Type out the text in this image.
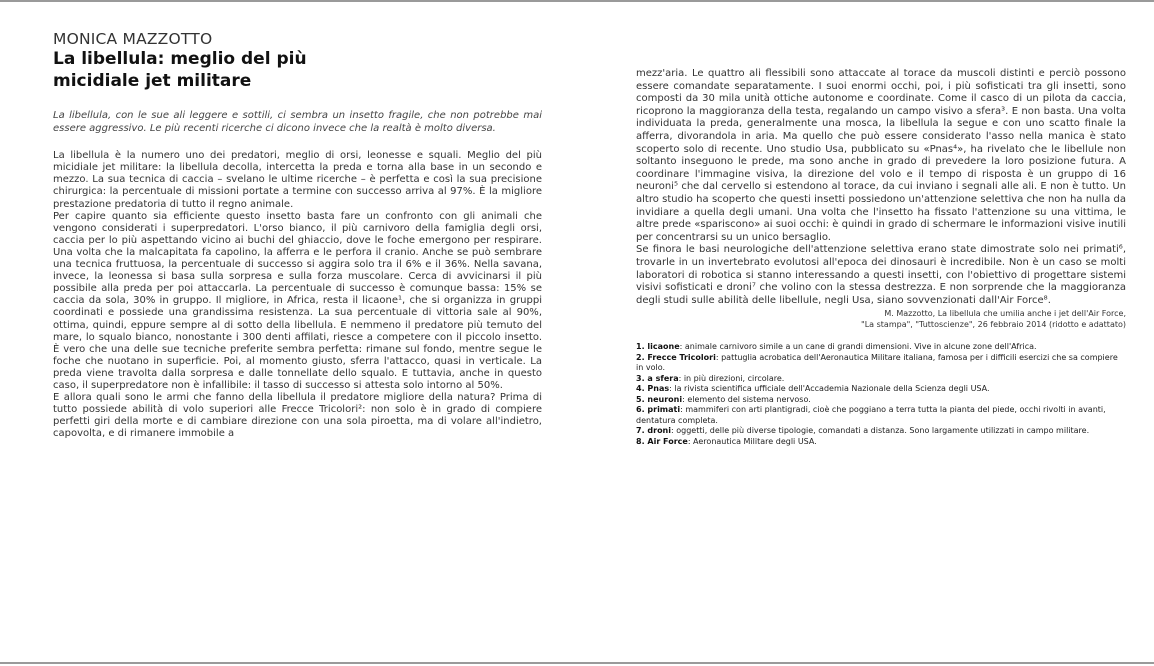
MONICA MAZZOTTO
La libellula: meglio del più micidiale jet militare
La libellula, con le sue ali leggere e sottili, ci sembra un insetto fragile, che non potrebbe mai essere aggressivo. Le più recenti ricerche ci dicono invece che la realtà è molto diversa.

La libellula è la numero uno dei predatori, meglio di orsi, leonesse e squali. Meglio del più micidiale jet militare: la libellula decolla, intercetta la preda e torna alla base in un secondo e mezzo. La sua tecnica di caccia – svelano le ultime ricerche – è perfetta e così la sua precisione chirurgica: la percentuale di missioni portate a termine con successo arriva al 97%. È la migliore prestazione predatoria di tutto il regno animale.

Per capire quanto sia efficiente questo insetto basta fare un confronto con gli animali che vengono considerati i superpredatori. L'orso bianco, il più carnivoro della famiglia degli orsi, caccia per lo più aspettando vicino ai buchi del ghiaccio, dove le foche emergono per respirare. Una volta che la malcapitata fa capolino, la afferra e le perfora il cranio. Anche se può sembrare una tecnica fruttuosa, la percentuale di successo si aggira solo tra il 6% e il 36%. Nella savana, invece, la leonessa si basa sulla sorpresa e sulla forza muscolare. Cerca di avvicinarsi il più possibile alla preda per poi attaccarla. La percentuale di successo è comunque bassa: 15% se caccia da sola, 30% in gruppo. Il migliore, in Africa, resta il licaone¹, che si organizza in gruppi coordinati e possiede una grandissima resistenza. La sua percentuale di vittoria sale al 90%, ottima, quindi, eppure sempre al di sotto della libellula. E nemmeno il predatore più temuto del mare, lo squalo bianco, nonostante i 300 denti affilati, riesce a competere con il piccolo insetto. È vero che una delle sue tecniche preferite sembra perfetta: rimane sul fondo, mentre segue le foche che nuotano in superficie. Poi, al momento giusto, sferra l'attacco, quasi in verticale. La preda viene travolta dalla sorpresa e dalle tonnellate dello squalo. E tuttavia, anche in questo caso, il superpredatore non è infallibile: il tasso di successo si attesta solo intorno al 50%.

E allora quali sono le armi che fanno della libellula il predatore migliore della natura? Prima di tutto possiede abilità di volo superiori alle Frecce Tricolori²: non solo è in grado di compiere perfetti giri della morte e di cambiare direzione con una sola piroetta, ma di volare all'indietro, capovolta, e di rimanere immobile a

mezz'aria. Le quattro ali flessibili sono attaccate al torace da muscoli distinti e perciò possono essere comandate separatamente. I suoi enormi occhi, poi, i più sofisticati tra gli insetti, sono composti da 30 mila unità ottiche autonome e coordinate. Come il casco di un pilota da caccia, ricoprono la maggioranza della testa, regalando un campo visivo a sfera³. E non basta. Una volta individuata la preda, generalmente una mosca, la libellula la segue e con uno scatto finale la afferra, divorandola in aria. Ma quello che può essere considerato l'asso nella manica è stato scoperto solo di recente. Uno studio Usa, pubblicato su «Pnas⁴», ha rivelato che le libellule non soltanto inseguono le prede, ma sono anche in grado di prevedere la loro posizione futura. A coordinare l'immagine visiva, la direzione del volo e il tempo di risposta è un gruppo di 16 neuroni⁵ che dal cervello si estendono al torace, da cui inviano i segnali alle ali. E non è tutto. Un altro studio ha scoperto che questi insetti possiedono un'attenzione selettiva che non ha nulla da invidiare a quella degli umani. Una volta che l'insetto ha fissato l'attenzione su una vittima, le altre prede «spariscono» ai suoi occhi: è quindi in grado di schermare le informazioni visive inutili per concentrarsi su un unico bersaglio.

Se finora le basi neurologiche dell'attenzione selettiva erano state dimostrate solo nei primati⁶, trovarle in un invertebrato evolutosi all'epoca dei dinosauri è incredibile. Non è un caso se molti laboratori di robotica si stanno interessando a questi insetti, con l'obiettivo di progettare sistemi visivi sofisticati e droni⁷ che volino con la stessa destrezza. E non sorprende che la maggioranza degli studi sulle abilità delle libellule, negli Usa, siano sovvenzionati dall'Air Force⁸.

M. Mazzotto, La libellula che umilia anche i jet dell'Air Force,
"La stampa", "Tuttoscienze", 26 febbraio 2014 (ridotto e adattato)

1. licaone: animale carnivoro simile a un cane di grandi dimensioni. Vive in alcune zone dell'Africa.

2. Frecce Tricolori: pattuglia acrobatica dell'Aeronautica Militare italiana, famosa per i difficili esercizi che sa compiere in volo.

3. a sfera: in più direzioni, circolare.

4. Pnas: la rivista scientifica ufficiale dell'Accademia Nazionale della Scienza degli USA.

5. neuroni: elemento del sistema nervoso.

6. primati: mammiferi con arti plantigradi, cioè che poggiano a terra tutta la pianta del piede, occhi rivolti in avanti, dentatura completa.

7. droni: oggetti, delle più diverse tipologie, comandati a distanza. Sono largamente utilizzati in campo militare.

8. Air Force: Aeronautica Militare degli USA.
